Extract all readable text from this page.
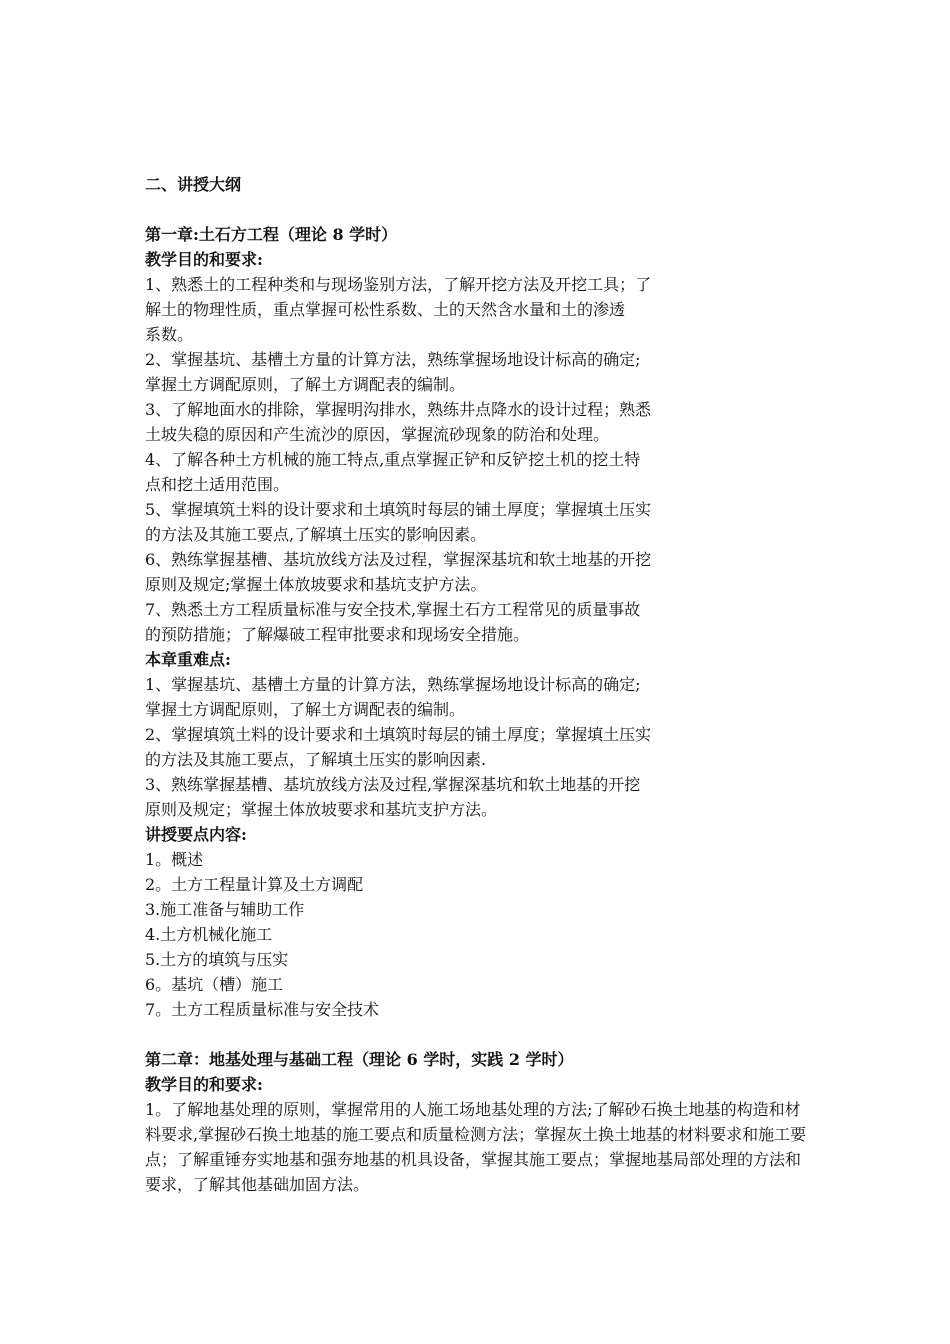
二、讲授大纲
第一章:土石方工程（理论 8 学时）
教学目的和要求:
1、熟悉土的工程种类和与现场鉴别方法，了解开挖方法及开挖工具；了
解土的物理性质，重点掌握可松性系数、土的天然含水量和土的渗透
系数。
2、掌握基坑、基槽土方量的计算方法，熟练掌握场地设计标高的确定;
掌握土方调配原则，了解土方调配表的编制。
3、了解地面水的排除，掌握明沟排水，熟练井点降水的设计过程；熟悉
土坡失稳的原因和产生流沙的原因，掌握流砂现象的防治和处理。
4、了解各种土方机械的施工特点,重点掌握正铲和反铲挖土机的挖土特
点和挖土适用范围。
5、掌握填筑土料的设计要求和土填筑时每层的铺土厚度；掌握填土压实
的方法及其施工要点,了解填土压实的影响因素。
6、熟练掌握基槽、基坑放线方法及过程，掌握深基坑和软土地基的开挖
原则及规定;掌握土体放坡要求和基坑支护方法。
7、熟悉土方工程质量标准与安全技术,掌握土石方工程常见的质量事故
的预防措施；了解爆破工程审批要求和现场安全措施。
本章重难点:
1、掌握基坑、基槽土方量的计算方法，熟练掌握场地设计标高的确定;
掌握土方调配原则，了解土方调配表的编制。
2、掌握填筑土料的设计要求和土填筑时每层的铺土厚度；掌握填土压实
的方法及其施工要点，了解填土压实的影响因素.
3、熟练掌握基槽、基坑放线方法及过程,掌握深基坑和软土地基的开挖
原则及规定；掌握土体放坡要求和基坑支护方法。
讲授要点内容:
1。概述
2。土方工程量计算及土方调配
3.施工准备与辅助工作
4.土方机械化施工
5.土方的填筑与压实
6。基坑（槽）施工
7。土方工程质量标准与安全技术
第二章：地基处理与基础工程（理论 6 学时，实践 2 学时）
教学目的和要求:
1。了解地基处理的原则，掌握常用的人施工场地基处理的方法;了解砂石换土地基的构造和材料要求,掌握砂石换土地基的施工要点和质量检测方法；掌握灰土换土地基的材料要求和施工要点；了解重锤夯实地基和强夯地基的机具设备，掌握其施工要点；掌握地基局部处理的方法和要求，了解其他基础加固方法。
